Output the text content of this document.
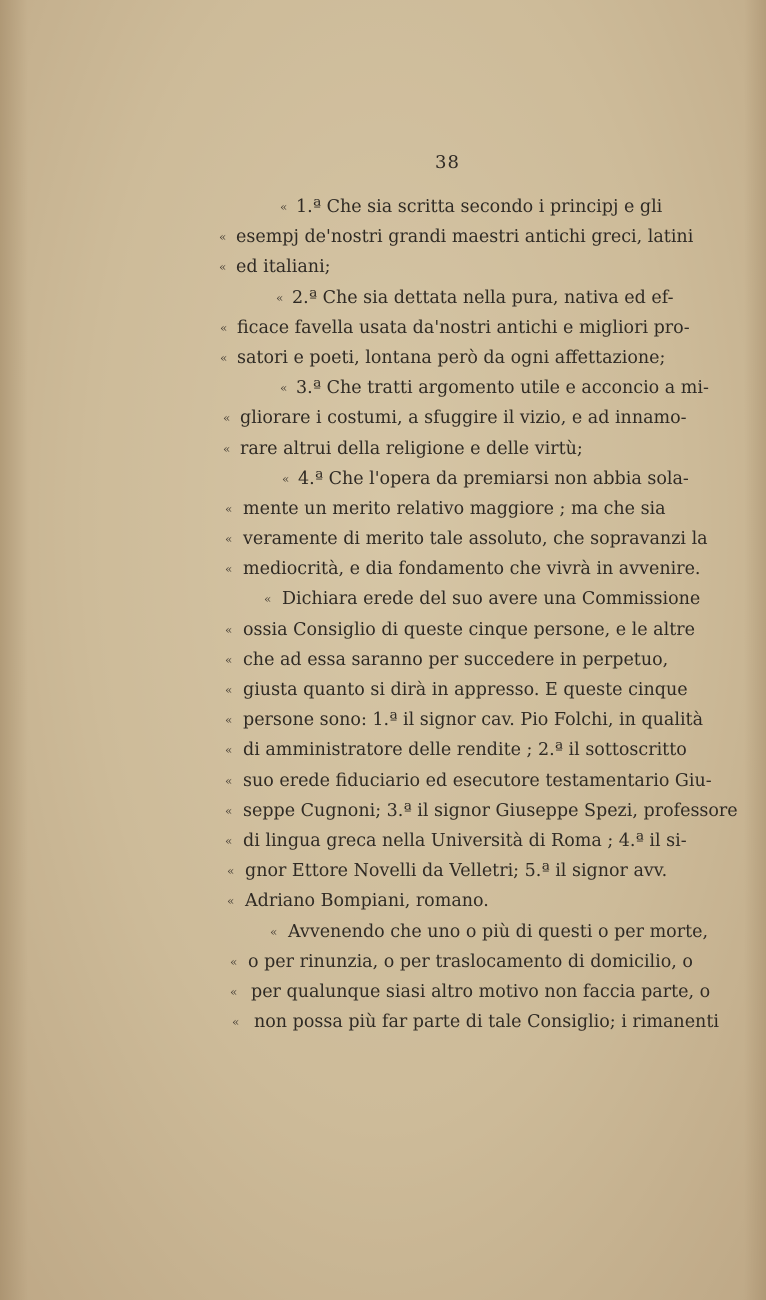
38
« 1.ª Che sia scritta secondo i principj e gli
« esempj de'nostri grandi maestri antichi greci, latini
« ed italiani;
« 2.ª Che sia dettata nella pura, nativa ed ef-
« ficace favella usata da'nostri antichi e migliori pro-
« satori e poeti, lontana però da ogni affettazione;
« 3.ª Che tratti argomento utile e acconcio a mi-
« gliorare i costumi, a sfuggire il vizio, e ad innamo-
« rare altrui della religione e delle virtù;
« 4.ª Che l'opera da premiarsi non abbia sola-
« mente un merito relativo maggiore ; ma che sia
« veramente di merito tale assoluto, che sopravanzi la
« mediocrità, e dia fondamento che vivrà in avvenire.
« Dichiara erede del suo avere una Commissione
« ossia Consiglio di queste cinque persone, e le altre
« che ad essa saranno per succedere in perpetuo,
« giusta quanto si dirà in appresso. E queste cinque
« persone sono: 1.ª il signor cav. Pio Folchi, in qualità
« di amministratore delle rendite ; 2.ª il sottoscritto
« suo erede fiduciario ed esecutore testamentario Giu-
« seppe Cugnoni; 3.ª il signor Giuseppe Spezi, professore
« di lingua greca nella Università di Roma ; 4.ª il si-
« gnor Ettore Novelli da Velletri; 5.ª il signor avv.
« Adriano Bompiani, romano.
« Avvenendo che uno o più di questi o per morte,
« o per rinunzia, o per traslocamento di domicilio, o
« per qualunque siasi altro motivo non faccia parte, o
« non possa più far parte di tale Consiglio; i rimanenti
